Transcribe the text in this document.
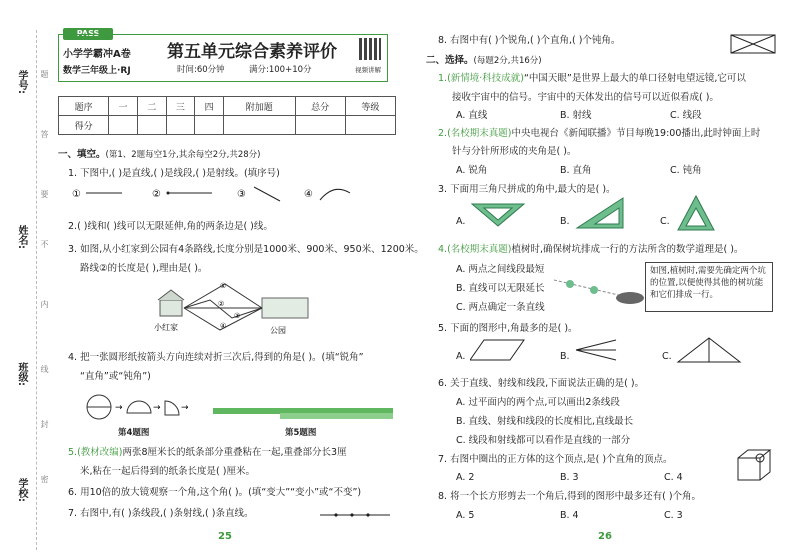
学号:
姓名:
班级:
学校:
题
答
要
不
内
线
封
密
PASS
小学学霸冲A卷
数学三年级上·RJ
第五单元综合素养评价
时间:60分钟	满分:100+10分	视频讲解
题序	一	二	三	四	附加题	总分	等级
得分							
一、填空。(第1、2题每空1分,其余每空2分,共28分)
1. 下图中,( )是直线,( )是线段,( )是射线。(填序号)
①	②	③	④
2.( )线和( )线可以无限延伸,角的两条边是( )线。
3. 如图,从小红家到公园有4条路线,长度分别是1000米、900米、950米、1200米。
路线②的长度是( ),理由是( )。
小红家	公园
①
②
③
④
4. 把一张圆形纸按箭头方向连续对折三次后,得到的角是( )。(填“锐角”
“直角”或“钝角”)
→	→ →
第4题图	第5题图
5.(教材改编)两张8厘米长的纸条部分重叠粘在一起,重叠部分长3厘
米,粘在一起后得到的纸条长度是( )厘米。
6. 用10倍的放大镜观察一个角,这个角( )。(填“变大”“变小”或“不变”)
7. 右图中,有( )条线段,( )条射线,( )条直线。
25
8. 右图中有( )个锐角,( )个直角,( )个钝角。
二、选择。(每题2分,共16分)
1.(新情境·科技成就)“中国天眼”是世界上最大的单口径射电望远镜,它可以
接收宇宙中的信号。宇宙中的天体发出的信号可以近似看成( )。
A. 直线	B. 射线	C. 线段
2.(名校期末真题)中央电视台《新闻联播》节目每晚19:00播出,此时钟面上时
针与分针所形成的夹角是( )。
A. 锐角	B. 直角	C. 钝角
3. 下面用三角尺拼成的角中,最大的是( )。
A.	B.	C.
4.(名校期末真题)植树时,确保树坑排成一行的方法所含的数学道理是( )。
A. 两点之间线段最短
B. 直线可以无限延长
C. 两点确定一条直线
如图,植树时,需要先确定两个坑的位置,以便使得其他的树坑能和它们排成一行。
5. 下面的图形中,角最多的是( )。
A.	B.	C.
6. 关于直线、射线和线段,下面说法正确的是( )。
A. 过平面内的两个点,可以画出2条线段
B. 直线、射线和线段的长度相比,直线最长
C. 线段和射线都可以看作是直线的一部分
7. 右图中圈出的正方体的这个顶点,是( )个直角的顶点。
A. 2	B. 3	C. 4
8. 将一个长方形剪去一个角后,得到的图形中最多还有( )个角。
A. 5	B. 4	C. 3
26
